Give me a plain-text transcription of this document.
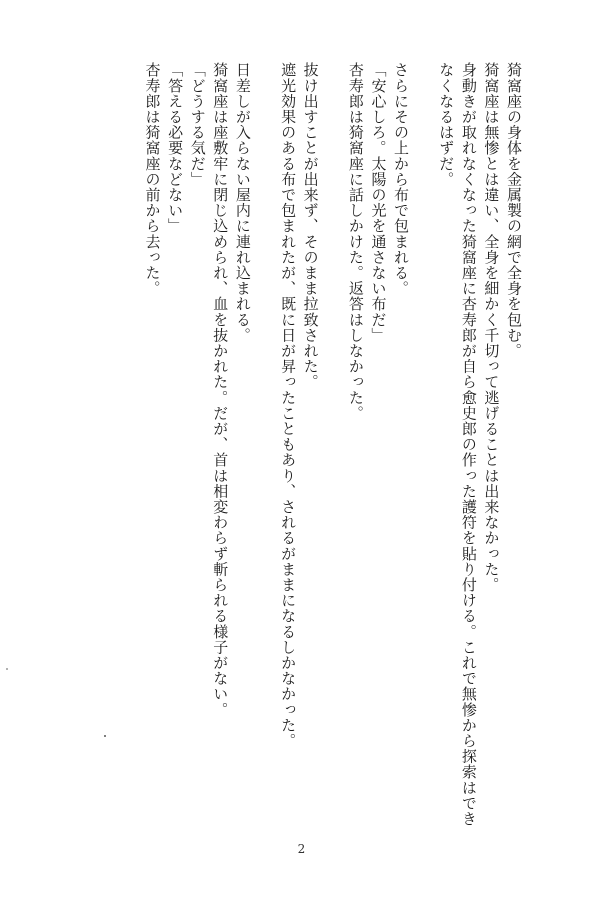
猗窩座の身体を金属製の網で全身を包む。

猗窩座は無惨とは違い、全身を細かく千切って逃げることは出来なかった。

身動きが取れなくなった猗窩座に杏寿郎が自ら愈史郎の作った護符を貼り付ける。これで無惨から探索はできなくなるはずだ。

さらにその上から布で包まれる。

「安心しろ。太陽の光を通さない布だ」

杏寿郎は猗窩座に話しかけた。返答はしなかった。

抜け出すことが出来ず、そのまま拉致された。

遮光効果のある布で包まれたが、既に日が昇ったこともあり、されるがままになるしかなかった。

日差しが入らない屋内に連れ込まれる。

猗窩座は座敷牢に閉じ込められ、血を抜かれた。だが、首は相変わらず斬られる様子がない。

「どうする気だ」

「答える必要などない」

杏寿郎は猗窩座の前から去った。

2
